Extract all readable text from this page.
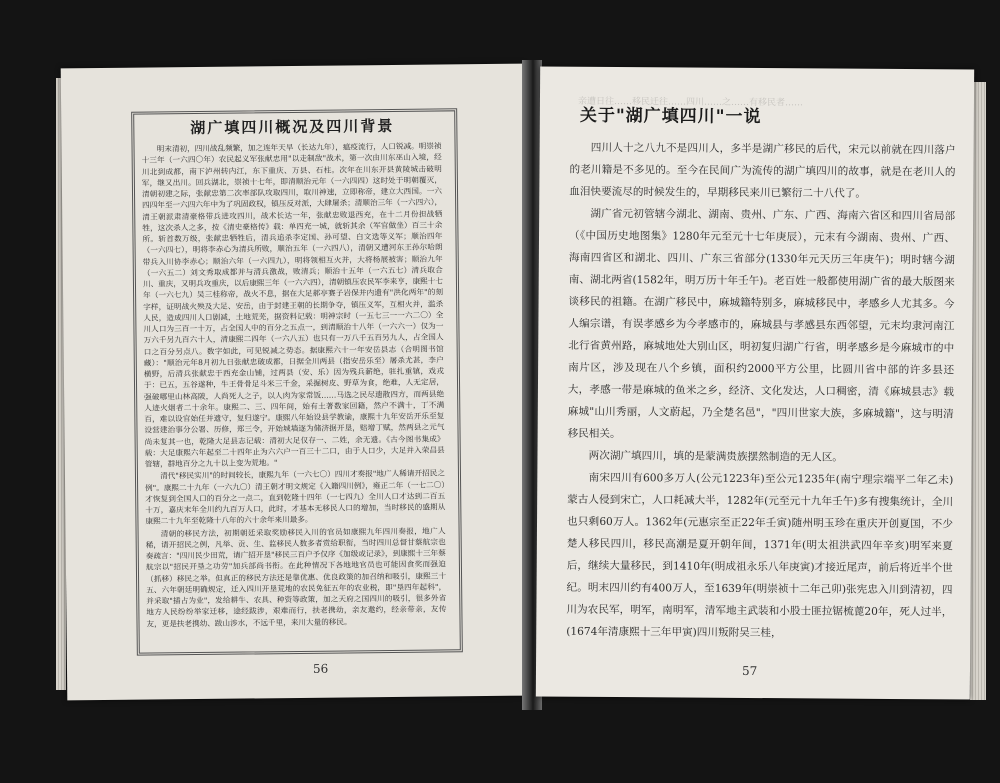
湖广填四川概况及四川背景

明末清初，四川战乱频繁，加之连年天旱（长达九年），瘟疫流行，人口锐减。明崇祯十三年（一六四〇年）农民起义军张献忠用"以走制敌"战术，第一次由川东巫山入境，经川北到成都，南下泸州转内江，东下重庆、万县、石柱。次年在川东开县黄陵城击破明军，继又出川。回兵湖北，崇祯十七年，即清顺治元年（一六四四）这时处于明朝覆灭，清朝初建之际，张献忠第二次率部队攻取四川，取川神速，立即称帝，建立大西国。一六四四年至一六四六年中为了巩固政权，镇压反对派，大肆屠杀；清顺治三年（一六四六），清王朝派肃清豪格带兵进攻四川，战术长达一年，张献忠败退西充，在十二月份担战牺牲，这次杀人之多，按《清史豪格传》载：单四充一城，就斩其余（军官做坐）百三十余所。斩首数万级，张献忠牺牲后，清兵追杀李定国、孙可望、白文选等义军；顺治四年（一六四七），明将李赤心为清兵所败，顺治五年（一六四八），清朝又遭河东王孙尔哈朗带兵入川协李赤心；顺治六年（一六四九），明将领相互火并，大将杨展被害；顺治九年（一六五二）刘文秀取成都并与清兵激战，败清兵；顺治十五年（一六五七）清兵取合川、重庆，又明兵攻重庆，以后康熙三年（一六六四），清朝镇压农民军李来亨，康熙十七年（一六七九）吴三桂称帝，战火不息，据在大足郝亭赛子岩保并内遗有"洪化两年"的刻字样，证明战火殃及大足、安岳，由于封建王朝的长期争夺，镇压义军，互相火并，滥杀人民，造成四川人口剧减，土地荒芜，据资料记载：明神宗时（一五七三一一六二〇）全川人口为三百一十万，占全国人中的百分之五点一，到清顺治十八年（一六六一）仅为一万六千另九百六十人，清康熙二四年（一六八五）也只有一万八千五百另九人，占全国人口之百分另点八。数字如此，可见锐减之势态。据康熙六十一年安岳县志（合明图书馆藏）："顺治元年8月初九日张献忠破成都，日据全川两县（指安岳乐至）屠杀尤甚，李户横野，后清兵张献忠于西充金山铺，过两县（安、乐）因为残兵薪绝，驻扎重镇，戏戎于：已五，五谷遂种，牛王骨骨足斗米三千金，采掘树皮、野草为食，绝难，人无定居，强破哪里山林高陂，人尚死人之子，以人肉为家常饭……马选之民尽遗散四方，而两县绝人迹火烟者二十余年。康熙二、三、四年间，始有土著数家回籍，然户不满十，丁不满百，难以设官始任并遗守，复归遂宁。康熙八年始设县学教谕，康熙十九年安岳开乐至复设营建治事分公署、历修，郑三令，开始城墙逐为储济据开垦，赔增丁赋，然两县之元气尚未复其一也，乾隆大足县志记载：清初大足仅存一、二姓，余无遗。《古今图书集成》载：大足康熙六年起至二十四年止为六六户一百三十二口，由于人口少，大足并入荣昌县管辖，群地百分之九十以上变为荒地。"

清代"移民实川"的时间较长，康熙九年（一六七〇）四川才奏报"地广人稀请开招民之例"。康熙二十九年（一六九〇）清王朝才明文规定《入籍四川例》，雍正二年（一七二〇）才恢复到全国人口的百分之一点二，直到乾隆十四年（一七四九）全川人口才达到二百五十万，嘉庆末年全川约九百万人口，此时，才基本无移民人口的增加，当时移民的盛期从康熙二十九年至乾隆十八年的六十余年来川最多。

清朝的移民方法，初期朝廷采取奖励移民入川的官员如康熙九年四川奏报，地广人稀，请开招民之例，凡举、贡、生、监移民人数多者赏给职衔，当时四川总督甘蔡航宗也奏疏言："四川民少田荒，请广招开垦"移民三百户予仅序《加级或记录》，到康熙十三年蔡航宗以"招民开垦之功劳"加兵部尚书衔。在此种情况下各地地官员也可能因食奖而强迫（抓移）移民之举。但真正的移民方法还是靠优惠、优良政策的加召纳和吸引，康熙三十五、六年朝廷明确规定，迁入四川开垦荒地的农民免征五年的农业税，即"垦四年起科"，并采取"插占为业"，发给耕牛、农具、种资等政策，加之天府之国四川的吸引，很多外省地方人民纷纷举家迁移，途经跋涉，艰难而行，扶老携幼，亲友邀约，经亲带亲，友传友，更是扶老携幼、跋山涉水，不远千里，来川大量的移民。

56
亲遭日往……移民迁往……四川……之……有移民者……
关于"湖广填四川"一说

四川人十之八九不是四川人，多半是湖广移民的后代，宋元以前就在四川落户的老川籍是不多见的。至今在民间广为流传的湖广填四川的故事，就是在老川人的血泪快要流尽的时候发生的，早期移民来川已繁衍二十八代了。

湖广省元初管辖今湖北、湖南、贵州、广东、广西、海南六省区和四川省局部（《中国历史地图集》1280年元至元十七年庚辰），元末有今湖南、贵州、广西、海南四省区和湖北、四川、广东三省部分(1330年元天历三年庚午)；明时辖今湖南、湖北两省(1582年，明万历十年壬午)。老百姓一般都使用湖广省的最大版图来谈移民的祖籍。在湖广移民中，麻城籍特别多，麻城移民中，孝感乡人尤其多。今人编宗谱，有误孝感乡为今孝感市的，麻城县与孝感县东西邻望，元末均隶河南江北行省黄州路，麻城地处大别山区，明初复归湖广行省，明孝感乡是今麻城市的中南片区，涉及现在八个乡镇，面积约2000平方公里，比圆川省中部的许多县还大，孝感一带是麻城的鱼米之乡，经济、文化发达，人口稠密，清《麻城县志》载麻城"山川秀丽，人文蔚起，乃全楚名邑"，"四川世家大族，多麻城籍"，这与明清移民相关。

两次湖广填四川，填的是蒙满贵族摆然制造的无人区。

南宋四川有600多万人(公元1223年)至公元1235年(南宁理宗端平二年乙未)蒙古人侵到宋亡，人口耗减大半，1282年(元至元十九年壬午)多有搜集统计，全川也只剩60万人。1362年(元惠宗至正22年壬寅)随州明玉珍在重庆开创夏国，不少楚人移民四川，移民高潮是夏开朝年间，1371年(明太祖洪武四年辛亥)明军来夏后，继续大量移民，到1410年(明成祖永乐八年庚寅)才接近尾声，前后将近半个世纪。明末四川约有400万人，至1639年(明崇祯十二年己卯)张宪忠入川到清初，四川为农民军，明军，南明军，清军地主武装和小股士匪拉锯梳蓖20年，死人过半，(1674年清康熙十三年甲寅)四川叛附吴三桂，

57
